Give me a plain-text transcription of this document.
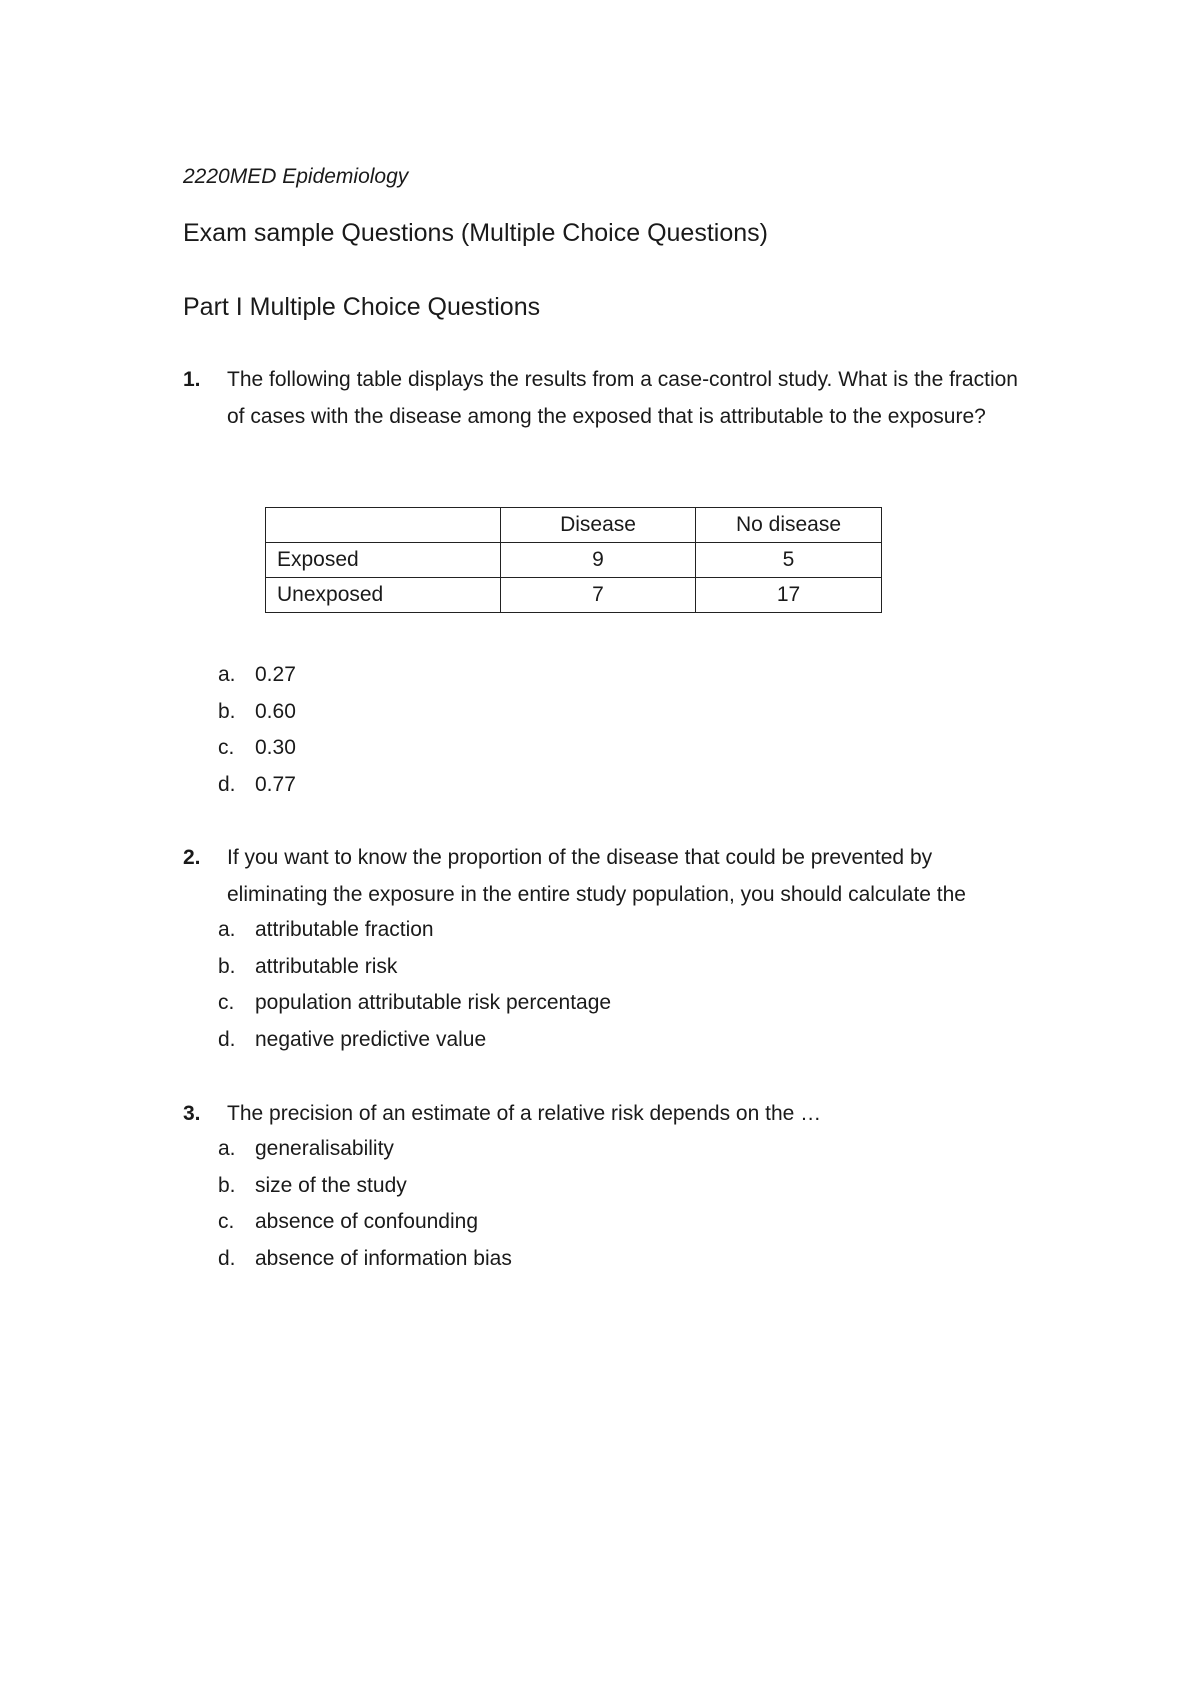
2220MED Epidemiology
Exam sample Questions (Multiple Choice Questions)
Part I Multiple Choice Questions
1. The following table displays the results from a case-control study. What is the fraction of cases with the disease among the exposed that is attributable to the exposure?
	Disease	No disease
Exposed	9	5
Unexposed	7	17
a. 0.27
b. 0.60
c. 0.30
d. 0.77
2. If you want to know the proportion of the disease that could be prevented by eliminating the exposure in the entire study population, you should calculate the
a. attributable fraction
b. attributable risk
c. population attributable risk percentage
d. negative predictive value
3. The precision of an estimate of a relative risk depends on the …
a. generalisability
b. size of the study
c. absence of confounding
d. absence of information bias
